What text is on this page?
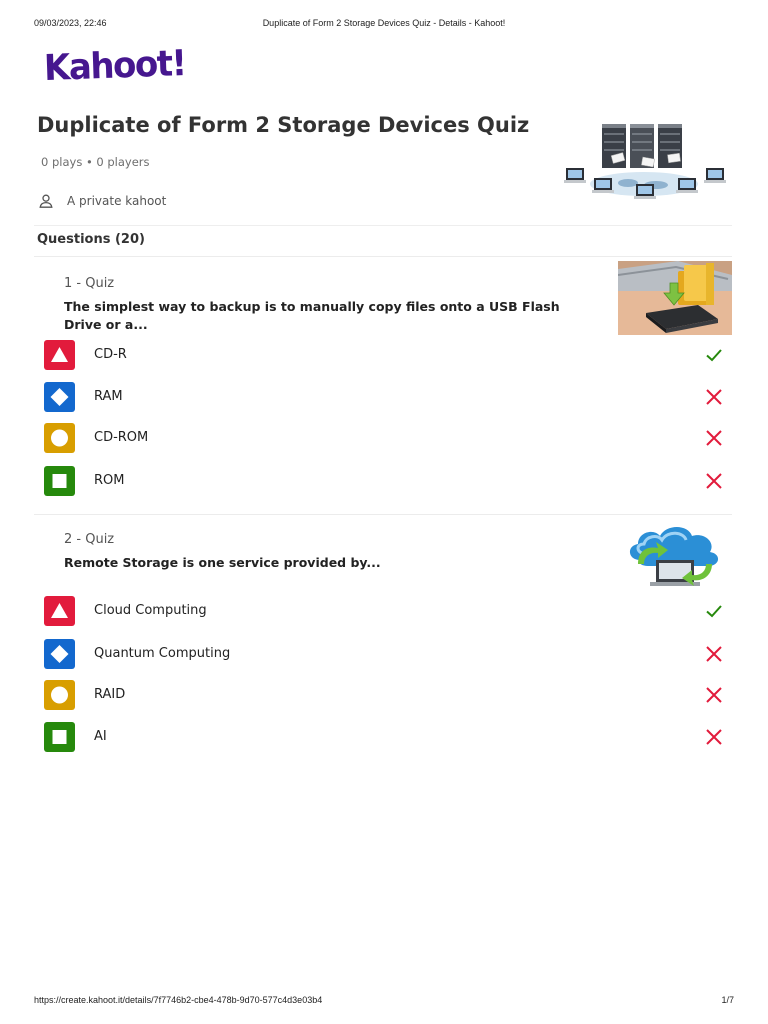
Duplicate of Form 2 Storage Devices Quiz - Details - Kahoot!
09/03/2023, 22:46
Kahoot!
Duplicate of Form 2 Storage Devices Quiz
0 plays • 0 players
A private kahoot
Questions (20)
1 - Quiz
The simplest way to backup is to manually copy files onto a USB Flash Drive or a...
CD-R
RAM
CD-ROM
ROM
2 - Quiz
Remote Storage is one service provided by...
Cloud Computing
Quantum Computing
RAID
AI
https://create.kahoot.it/details/7f7746b2-cbe4-478b-9d70-577c4d3e03b4	1/7
